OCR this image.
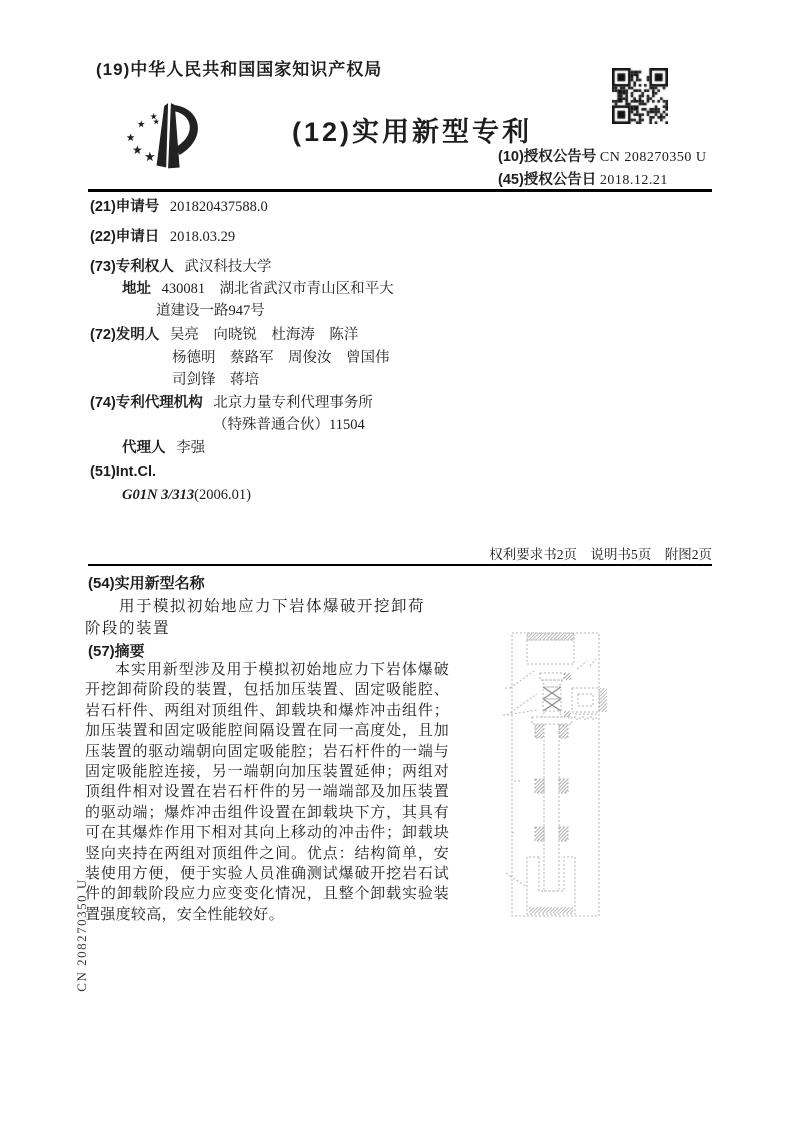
(19)中华人民共和国国家知识产权局
(12)实用新型专利
(10)授权公告号 CN 208270350 U
(45)授权公告日 2018.12.21
(21)申请号 201820437588.0
(22)申请日 2018.03.29
(73)专利权人 武汉科技大学
地址 430081　湖北省武汉市青山区和平大
道建设一路947号
(72)发明人 吴亮　向晓锐　杜海涛　陈洋
杨德明　蔡路军　周俊汝　曾国伟
司剑锋　蒋培
(74)专利代理机构 北京力量专利代理事务所
（特殊普通合伙）11504
代理人 李强
(51)Int.Cl.
G01N 3/313(2006.01)
权利要求书2页　说明书5页　附图2页
(54)实用新型名称
用于模拟初始地应力下岩体爆破开挖卸荷
阶段的装置
(57)摘要
本实用新型涉及用于模拟初始地应力下岩体爆破开挖卸荷阶段的装置，包括加压装置、固定吸能腔、岩石杆件、两组对顶组件、卸载块和爆炸冲击组件；加压装置和固定吸能腔间隔设置在同一高度处，且加压装置的驱动端朝向固定吸能腔；岩石杆件的一端与固定吸能腔连接，另一端朝向加压装置延伸；两组对顶组件相对设置在岩石杆件的另一端端部及加压装置的驱动端；爆炸冲击组件设置在卸载块下方，其具有可在其爆炸作用下相对其向上移动的冲击件；卸载块竖向夹持在两组对顶组件之间。优点：结构简单，安装使用方便，便于实验人员准确测试爆破开挖岩石试件的卸载阶段应力应变变化情况，且整个卸载实验装置强度较高，安全性能较好。
CN 208270350 U
